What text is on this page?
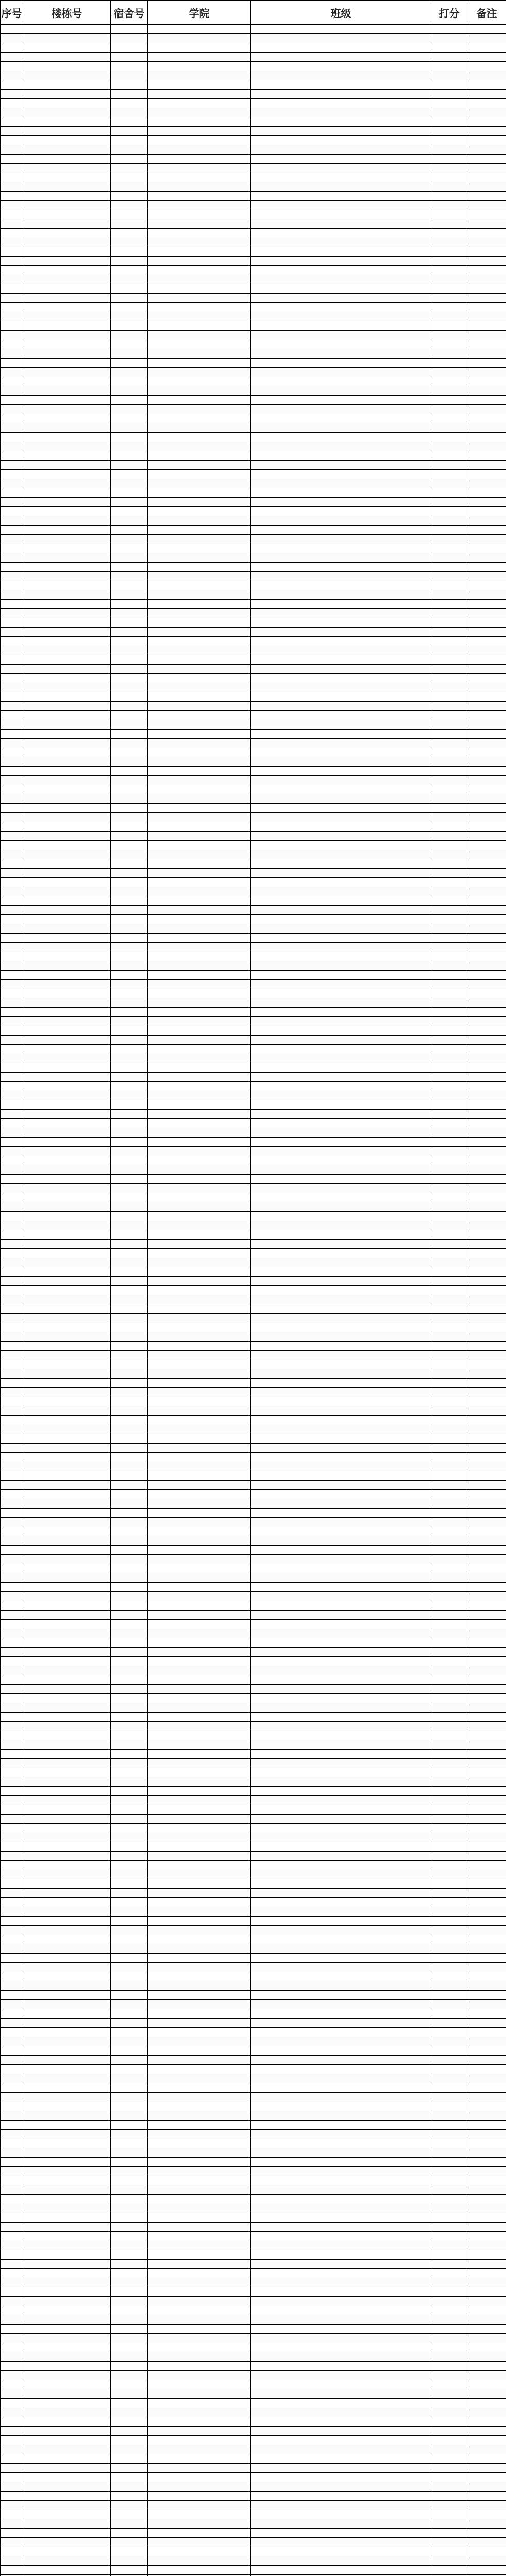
序号	楼栋号	宿舍号	学院	班级	打分	备注
